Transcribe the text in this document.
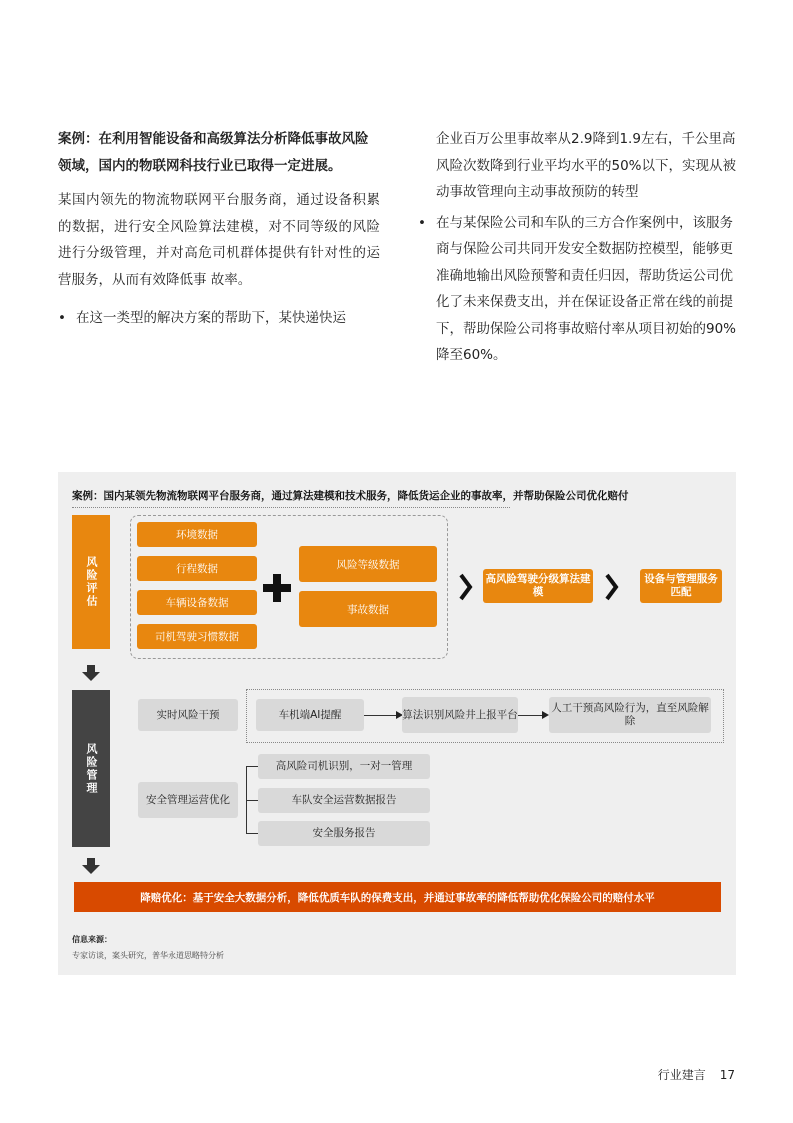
案例：在利用智能设备和高级算法分析降低事故风险领域，国内的物联网科技行业已取得一定进展。

某国内领先的物流物联网平台服务商，通过设备积累的数据，进行安全风险算法建模，对不同等级的风险进行分级管理，并对高危司机群体提供有针对性的运营服务，从而有效降低事 故率。

• 在这一类型的解决方案的帮助下，某快递快运
企业百万公里事故率从2.9降到1.9左右，千公里高风险次数降到行业平均水平的50%以下，实现从被动事故管理向主动事故预防的转型
• 在与某保险公司和车队的三方合作案例中，该服务商与保险公司共同开发安全数据防控模型，能够更准确地输出风险预警和责任归因，帮助货运公司优化了未来保费支出，并在保证设备正常在线的前提下，帮助保险公司将事故赔付率从项目初始的90%降至60%。
案例：国内某领先物流物联网平台服务商，通过算法建模和技术服务，降低货运企业的事故率，并帮助保险公司优化赔付
风险评估
环境数据
行程数据
车辆设备数据
司机驾驶习惯数据
风险等级数据
事故数据
高风险驾驶分级算法建模
设备与管理服务匹配
风险管理
实时风险干预	车机端AI提醒	算法识别风险井上报平台
人工干预高风险行为，直至风险解除
安全管理运营优化
高风险司机识别，一对一管理
车队安全运营数据报告
安全服务报告
降赔优化：基于安全大数据分析，降低优质车队的保费支出，并通过事故率的降低帮助优化保险公司的赔付水平
信息来源：
专家访谈，案头研究，普华永道思略特分析
行业建言 17
